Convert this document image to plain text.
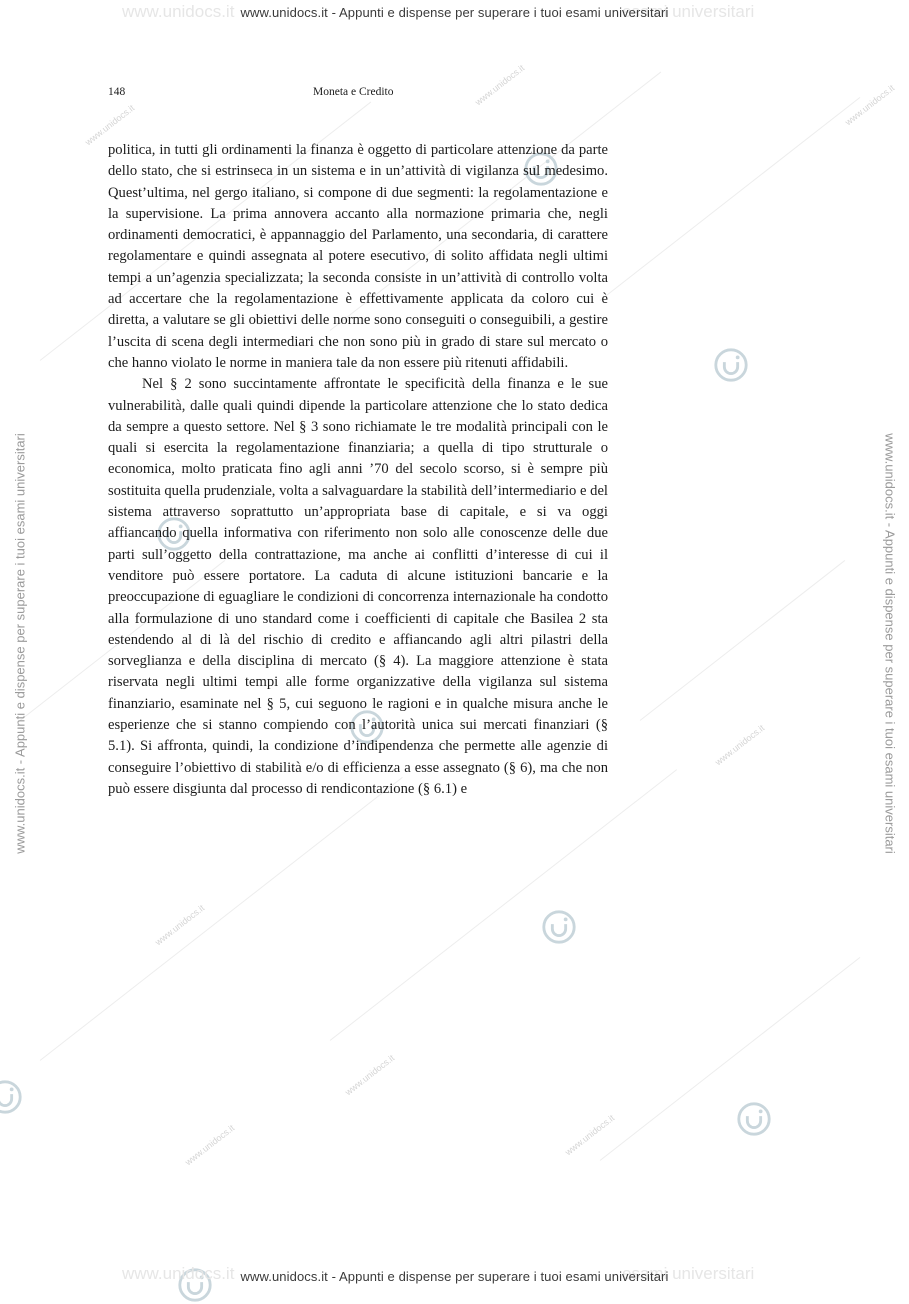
www.unidocs.it
www.unidocs.it	www.unidocs.it
www.unidocs.it
www.unidocs.it
www.unidocs.it
www.unidocs.it	www.unidocs.it
www.unidocs.it	esami universitari
www.unidocs.it	esami universitari
www.unidocs.it - Appunti e dispense per superare i tuoi esami universitari
www.unidocs.it - Appunti e dispense per superare i tuoi esami universitari
www.unidocs.it - Appunti e dispense per superare i tuoi esami universitari	www.unidocs.it - Appunti e dispense per superare i tuoi esami universitari
148	Moneta e Credito

politica, in tutti gli ordinamenti la finanza è oggetto di particolare attenzione da parte dello stato, che si estrinseca in un sistema e in un’attività di vigilanza sul medesimo. Quest’ultima, nel gergo italiano, si compone di due segmenti: la regolamentazione e la supervisione. La prima annovera accanto alla normazione primaria che, negli ordinamenti democratici, è appannaggio del Parlamento, una secondaria, di carattere regolamentare e quindi assegnata al potere esecutivo, di solito affidata negli ultimi tempi a un’agenzia specializzata; la seconda consiste in un’attività di controllo volta ad accertare che la regolamentazione è effettivamente applicata da coloro cui è diretta, a valutare se gli obiettivi delle norme sono conseguiti o conseguibili, a gestire l’uscita di scena degli intermediari che non sono più in grado di stare sul mercato o che hanno violato le norme in maniera tale da non essere più ritenuti affidabili.

Nel § 2 sono succintamente affrontate le specificità della finanza e le sue vulnerabilità, dalle quali quindi dipende la particolare attenzione che lo stato dedica da sempre a questo settore. Nel § 3 sono richiamate le tre modalità principali con le quali si esercita la regolamentazione finanziaria; a quella di tipo strutturale o economica, molto praticata fino agli anni ’70 del secolo scorso, si è sempre più sostituita quella prudenziale, volta a salvaguardare la stabilità dell’intermediario e del sistema attraverso soprattutto un’appropriata base di capitale, e si va oggi affiancando quella informativa con riferimento non solo alle conoscenze delle due parti sull’oggetto della contrattazione, ma anche ai conflitti d’interesse di cui il venditore può essere portatore. La caduta di alcune istituzioni bancarie e la preoccupazione di eguagliare le condizioni di concorrenza internazionale ha condotto alla formulazione di uno standard come i coefficienti di capitale che Basilea 2 sta estendendo al di là del rischio di credito e affiancando agli altri pilastri della sorveglianza e della disciplina di mercato (§ 4). La maggiore attenzione è stata riservata negli ultimi tempi alle forme organizzative della vigilanza sul sistema finanziario, esaminate nel § 5, cui seguono le ragioni e in qualche misura anche le esperienze che si stanno compiendo con l’autorità unica sui mercati finanziari (§ 5.1). Si affronta, quindi, la condizione d’indipendenza che permette alle agenzie di conseguire l’obiettivo di stabilità e/o di efficienza a esse assegnato (§ 6), ma che non può essere disgiunta dal processo di rendicontazione (§ 6.1) e
